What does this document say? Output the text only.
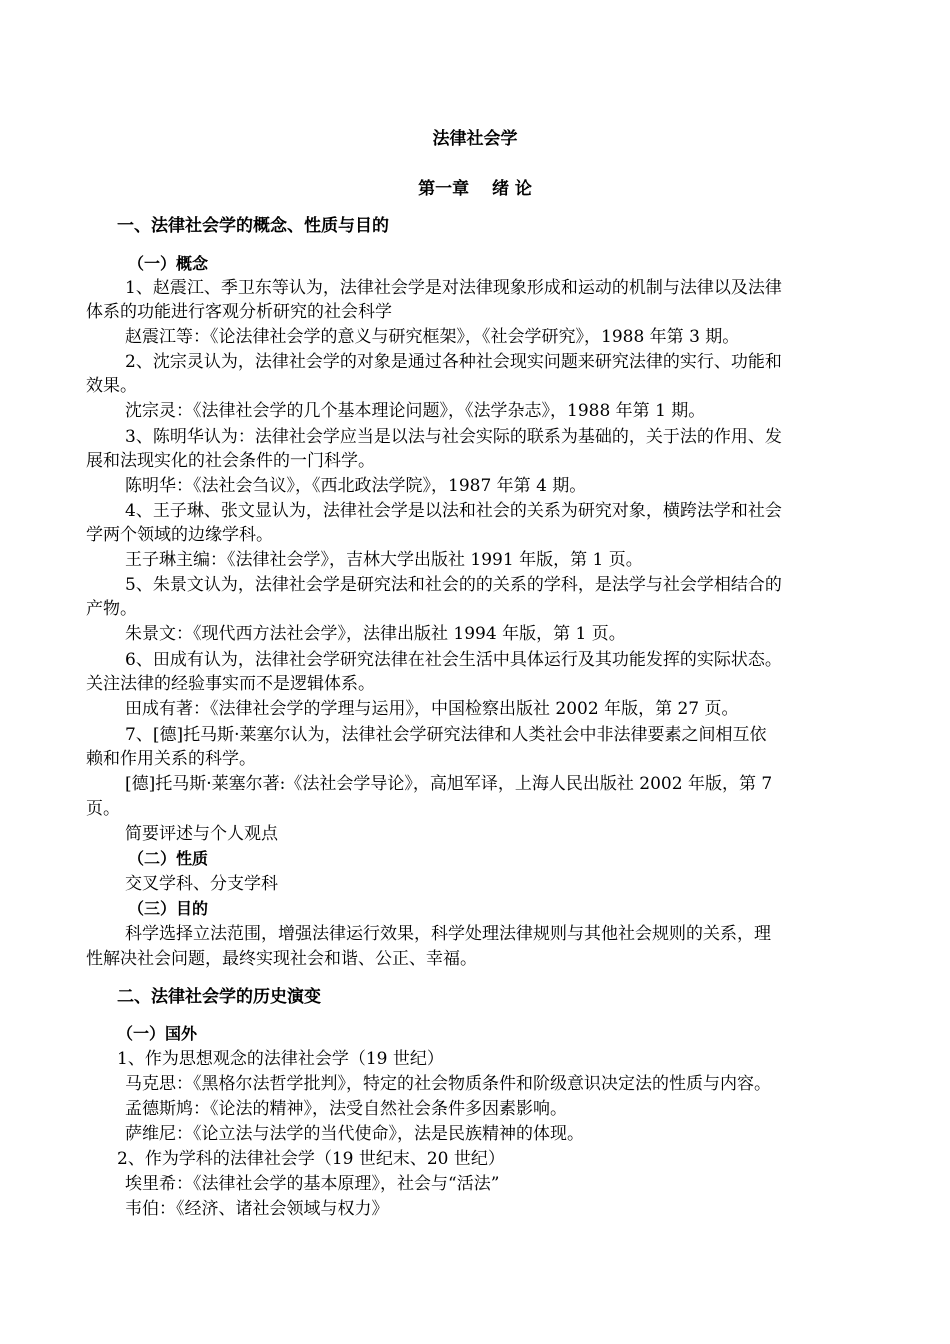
法律社会学
第一章　 绪 论
一、法律社会学的概念、性质与目的
（一）概念
1、赵震江、季卫东等认为，法律社会学是对法律现象形成和运动的机制与法律以及法律
体系的功能进行客观分析研究的社会科学
赵震江等：《论法律社会学的意义与研究框架》，《社会学研究》，1988 年第 3 期。
2、沈宗灵认为，法律社会学的对象是通过各种社会现实问题来研究法律的实行、功能和
效果。
沈宗灵：《法律社会学的几个基本理论问题》，《法学杂志》，1988 年第 1 期。
3、陈明华认为：法律社会学应当是以法与社会实际的联系为基础的，关于法的作用、发
展和法现实化的社会条件的一门科学。
陈明华：《法社会刍议》，《西北政法学院》，1987 年第 4 期。
4、王子琳、张文显认为，法律社会学是以法和社会的关系为研究对象，横跨法学和社会
学两个领域的边缘学科。
王子琳主编：《法律社会学》，吉林大学出版社 1991 年版，第 1 页。
5、朱景文认为，法律社会学是研究法和社会的的关系的学科，是法学与社会学相结合的
产物。
朱景文：《现代西方法社会学》，法律出版社 1994 年版，第 1 页。
6、田成有认为，法律社会学研究法律在社会生活中具体运行及其功能发挥的实际状态。
关注法律的经验事实而不是逻辑体系。
田成有著：《法律社会学的学理与运用》，中国检察出版社 2002 年版，第 27 页。
7、[德]托马斯·莱塞尔认为，法律社会学研究法律和人类社会中非法律要素之间相互依
赖和作用关系的科学。
[德]托马斯·莱塞尔著:《法社会学导论》，高旭军译，上海人民出版社 2002 年版，第 7
页。
简要评述与个人观点
（二）性质
交叉学科、分支学科
（三）目的
科学选择立法范围，增强法律运行效果，科学处理法律规则与其他社会规则的关系，理
性解决社会问题，最终实现社会和谐、公正、幸福。
二、法律社会学的历史演变
（一）国外
1、作为思想观念的法律社会学（19 世纪）
马克思：《黑格尔法哲学批判》，特定的社会物质条件和阶级意识决定法的性质与内容。
孟德斯鸠：《论法的精神》，法受自然社会条件多因素影响。
萨维尼：《论立法与法学的当代使命》，法是民族精神的体现。
2、作为学科的法律社会学（19 世纪末、20 世纪）
埃里希：《法律社会学的基本原理》，社会与“活法”
韦伯：《经济、诸社会领域与权力》
